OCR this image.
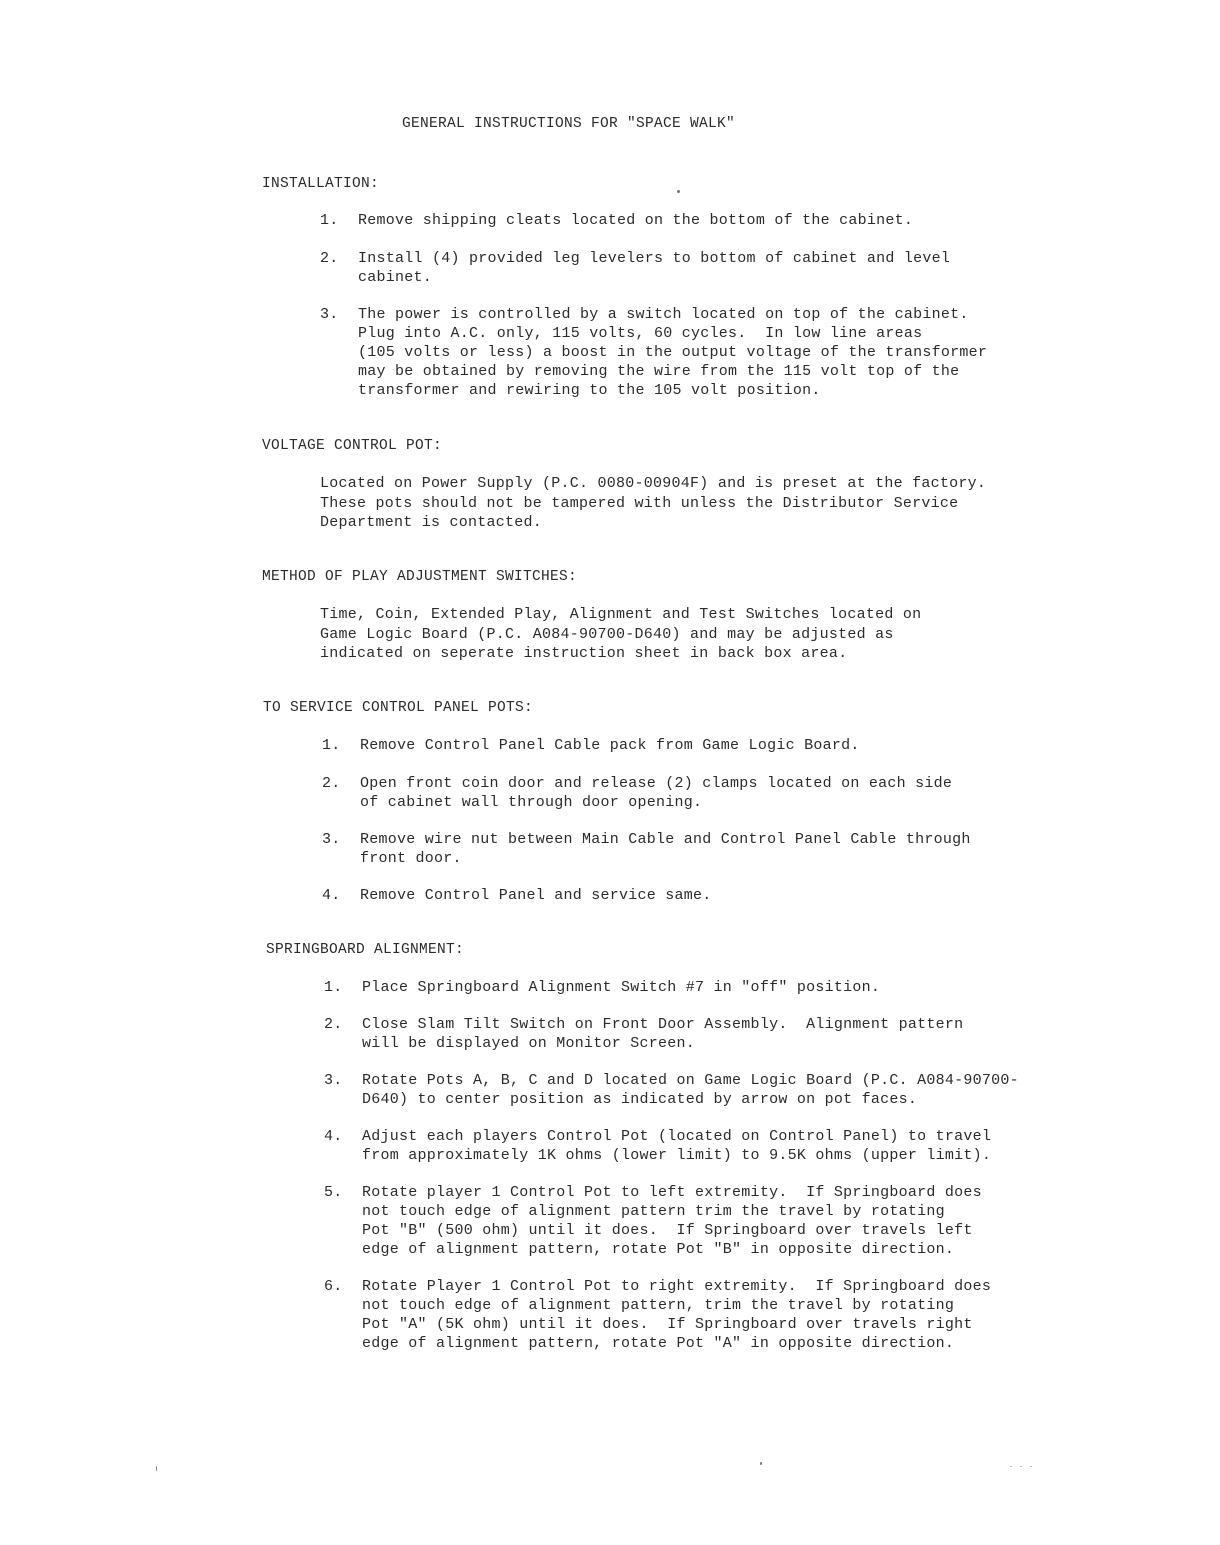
GENERAL INSTRUCTIONS FOR "SPACE WALK"
INSTALLATION:
1. Remove shipping cleats located on the bottom of the cabinet.
2. Install (4) provided leg levelers to bottom of cabinet and level
cabinet.
3. The power is controlled by a switch located on top of the cabinet.
Plug into A.C. only, 115 volts, 60 cycles.  In low line areas
(105 volts or less) a boost in the output voltage of the transformer
may be obtained by removing the wire from the 115 volt top of the
transformer and rewiring to the 105 volt position.
VOLTAGE CONTROL POT:
Located on Power Supply (P.C. 0080-00904F) and is preset at the factory.
These pots should not be tampered with unless the Distributor Service
Department is contacted.
METHOD OF PLAY ADJUSTMENT SWITCHES:
Time, Coin, Extended Play, Alignment and Test Switches located on
Game Logic Board (P.C. A084-90700-D640) and may be adjusted as
indicated on seperate instruction sheet in back box area.
TO SERVICE CONTROL PANEL POTS:
1. Remove Control Panel Cable pack from Game Logic Board.
2. Open front coin door and release (2) clamps located on each side
of cabinet wall through door opening.
3. Remove wire nut between Main Cable and Control Panel Cable through
front door.
4. Remove Control Panel and service same.
SPRINGBOARD ALIGNMENT:
1. Place Springboard Alignment Switch #7 in "off" position.
2. Close Slam Tilt Switch on Front Door Assembly.  Alignment pattern
will be displayed on Monitor Screen.
3. Rotate Pots A, B, C and D located on Game Logic Board (P.C. A084-90700-
D640) to center position as indicated by arrow on pot faces.
4. Adjust each players Control Pot (located on Control Panel) to travel
from approximately 1K ohms (lower limit) to 9.5K ohms (upper limit).
5. Rotate player 1 Control Pot to left extremity.  If Springboard does
not touch edge of alignment pattern trim the travel by rotating
Pot "B" (500 ohm) until it does.  If Springboard over travels left
edge of alignment pattern, rotate Pot "B" in opposite direction.
6. Rotate Player 1 Control Pot to right extremity.  If Springboard does
not touch edge of alignment pattern, trim the travel by rotating
Pot "A" (5K ohm) until it does.  If Springboard over travels right
edge of alignment pattern, rotate Pot "A" in opposite direction.
